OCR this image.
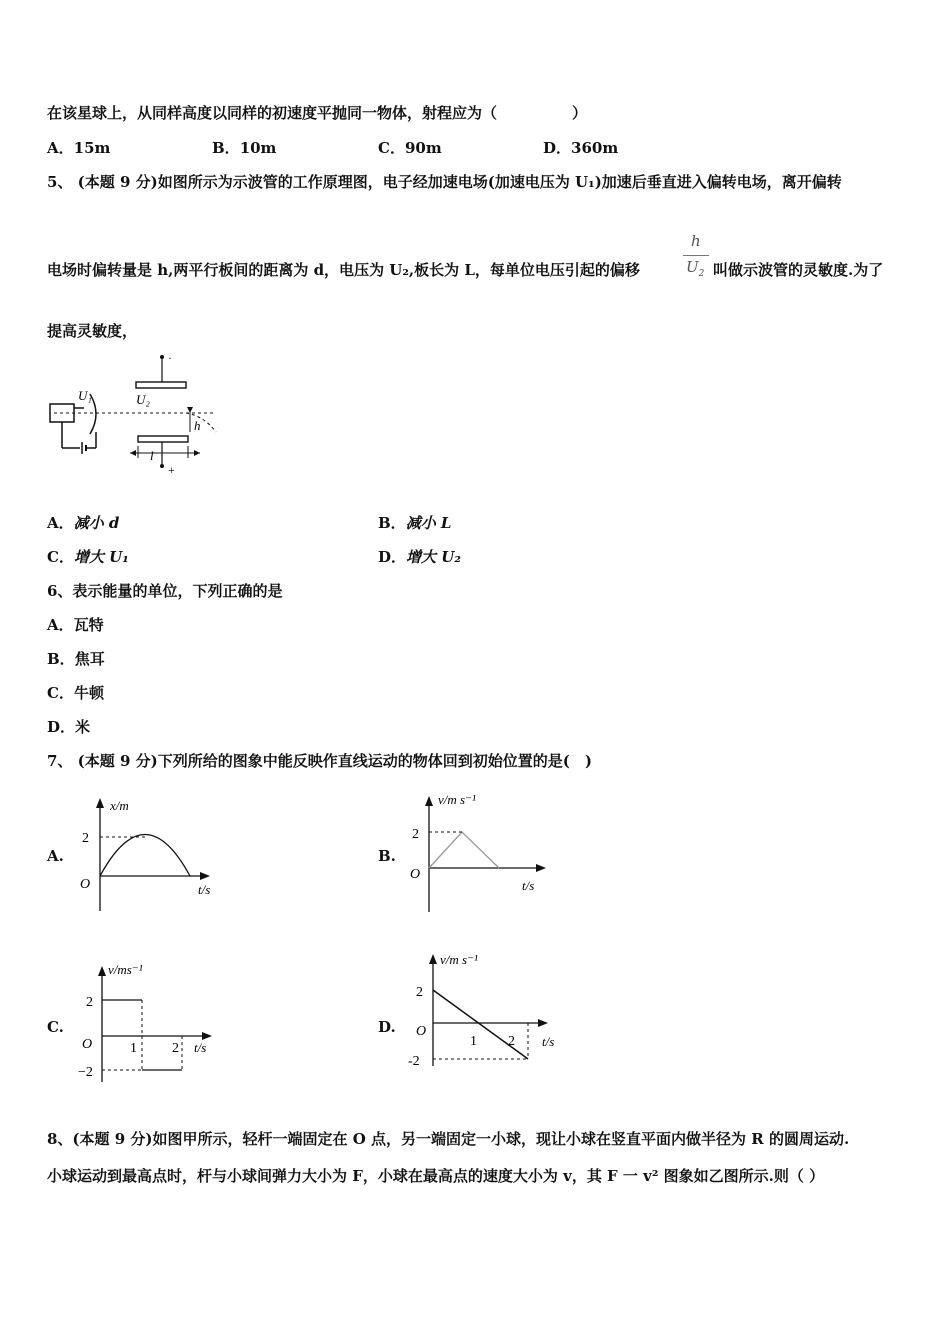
在该星球上，从同样高度以同样的初速度平抛同一物体，射程应为（　　　　　）
A．15m	B．10m	C．90m	D．360m
5、 (本题 9 分)如图所示为示波管的工作原理图，电子经加速电场(加速电压为 U₁)加速后垂直进入偏转电场，离开偏转
电场时偏转量是 h,两平行板间的距离为 d，电压为 U₂,板长为 L，每单位电压引起的偏移
h
$U_2$ 叫做示波管的灵敏度.为了
提高灵敏度，
U₁
·
U₂
+
h
l
A．减小 d	B．减小 L
C．增大 U₁	D．增大 U₂
6、表示能量的单位，下列正确的是
A．瓦特
B．焦耳
C．牛顿
D．米
7、 (本题 9 分)下列所给的图象中能反映作直线运动的物体回到初始位置的是(　)
A.
x/m
2
O	t/s
B.
v/m s⁻¹
2
O
t/s
C.
v/ms⁻¹
2
O
−2
1	2 t/s
D.
v/m s⁻¹
2
O
-2
1 2 t/s
8、(本题 9 分)如图甲所示，轻杆一端固定在 O 点，另一端固定一小球，现让小球在竖直平面内做半径为 R 的圆周运动.
小球运动到最高点时，杆与小球间弹力大小为 F，小球在最高点的速度大小为 v，其 F 一 v² 图象如乙图所示.则（ ）
